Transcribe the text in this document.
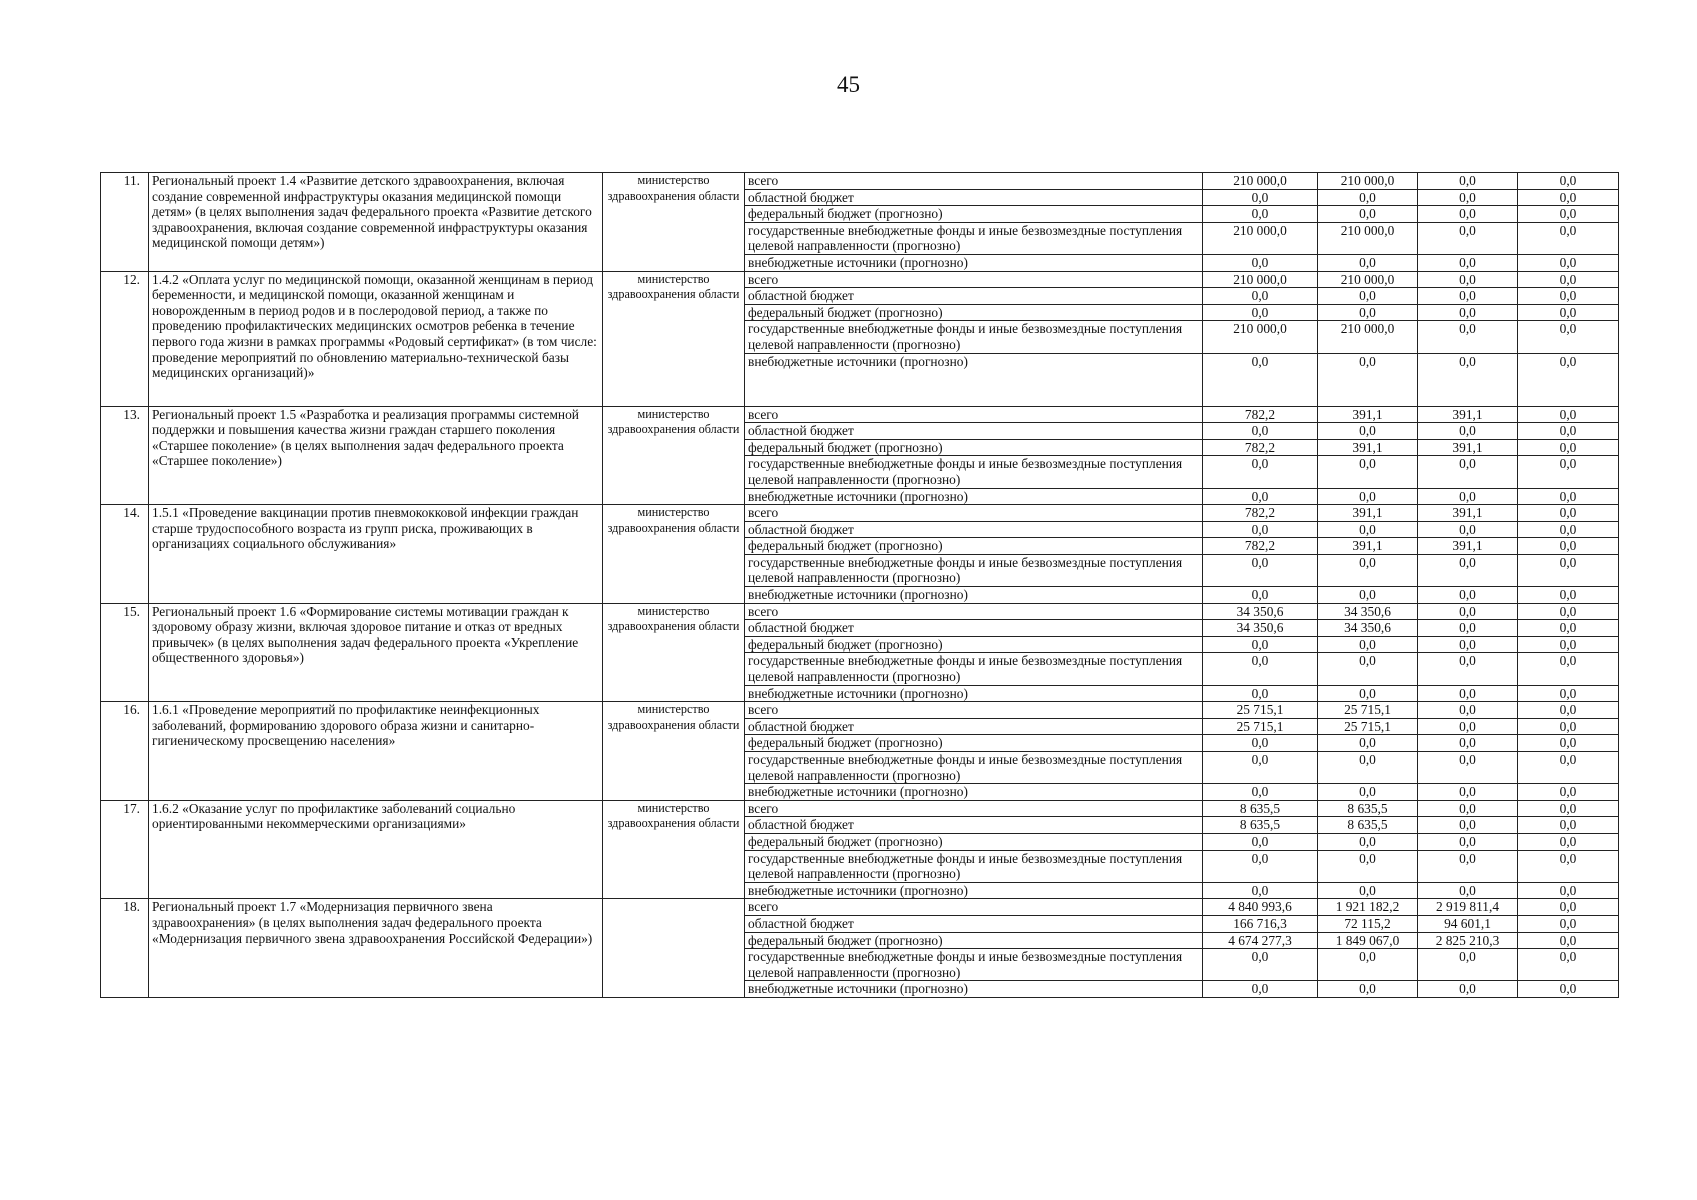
45
11.	Региональный проект 1.4 «Развитие детского здравоохранения, включая создание современной инфраструктуры оказания медицинской помощи детям» (в целях выполнения задач федерального проекта «Развитие детского здравоохранения, включая создание современной инфраструктуры оказания медицинской помощи детям»)	министерство здравоохранения области	всего	210 000,0	210 000,0	0,0	0,0
			областной бюджет	0,0	0,0	0,0	0,0
			федеральный бюджет (прогнозно)	0,0	0,0	0,0	0,0
			государственные внебюджетные фонды и иные безвозмездные поступления целевой направленности (прогнозно)	210 000,0	210 000,0	0,0	0,0
			внебюджетные источники (прогнозно)	0,0	0,0	0,0	0,0
12.	1.4.2 «Оплата услуг по медицинской помощи, оказанной женщинам в период беременности, и медицинской помощи, оказанной женщинам и новорожденным в период родов и в послеродовой период, а также по проведению профилактических медицинских осмотров ребенка в течение первого года жизни в рамках программы «Родовый сертификат» (в том числе: проведение мероприятий по обновлению материально-технической базы медицинских организаций)»	министерство здравоохранения области	всего	210 000,0	210 000,0	0,0	0,0
			областной бюджет	0,0	0,0	0,0	0,0
			федеральный бюджет (прогнозно)	0,0	0,0	0,0	0,0
			государственные внебюджетные фонды и иные безвозмездные поступления целевой направленности (прогнозно)	210 000,0	210 000,0	0,0	0,0
			внебюджетные источники (прогнозно)	0,0	0,0	0,0	0,0
13.	Региональный проект 1.5 «Разработка и реализация программы системной поддержки и повышения качества жизни граждан старшего поколения «Старшее поколение» (в целях выполнения задач федерального проекта «Старшее поколение»)	министерство здравоохранения области	всего	782,2	391,1	391,1	0,0
			областной бюджет	0,0	0,0	0,0	0,0
			федеральный бюджет (прогнозно)	782,2	391,1	391,1	0,0
			государственные внебюджетные фонды и иные безвозмездные поступления целевой направленности (прогнозно)	0,0	0,0	0,0	0,0
			внебюджетные источники (прогнозно)	0,0	0,0	0,0	0,0
14.	1.5.1 «Проведение вакцинации против пневмококковой инфекции граждан старше трудоспособного возраста из групп риска, проживающих в организациях социального обслуживания»	министерство здравоохранения области	всего	782,2	391,1	391,1	0,0
			областной бюджет	0,0	0,0	0,0	0,0
			федеральный бюджет (прогнозно)	782,2	391,1	391,1	0,0
			государственные внебюджетные фонды и иные безвозмездные поступления целевой направленности (прогнозно)	0,0	0,0	0,0	0,0
			внебюджетные источники (прогнозно)	0,0	0,0	0,0	0,0
15.	Региональный проект 1.6 «Формирование системы мотивации граждан к здоровому образу жизни, включая здоровое питание и отказ от вредных привычек» (в целях выполнения задач федерального проекта «Укрепление общественного здоровья»)	министерство здравоохранения области	всего	34 350,6	34 350,6	0,0	0,0
			областной бюджет	34 350,6	34 350,6	0,0	0,0
			федеральный бюджет (прогнозно)	0,0	0,0	0,0	0,0
			государственные внебюджетные фонды и иные безвозмездные поступления целевой направленности (прогнозно)	0,0	0,0	0,0	0,0
			внебюджетные источники (прогнозно)	0,0	0,0	0,0	0,0
16.	1.6.1 «Проведение мероприятий по профилактике неинфекционных заболеваний, формированию здорового образа жизни и санитарно-гигиеническому просвещению населения»	министерство здравоохранения области	всего	25 715,1	25 715,1	0,0	0,0
			областной бюджет	25 715,1	25 715,1	0,0	0,0
			федеральный бюджет (прогнозно)	0,0	0,0	0,0	0,0
			государственные внебюджетные фонды и иные безвозмездные поступления целевой направленности (прогнозно)	0,0	0,0	0,0	0,0
			внебюджетные источники (прогнозно)	0,0	0,0	0,0	0,0
17.	1.6.2 «Оказание услуг по профилактике заболеваний социально ориентированными некоммерческими организациями»	министерство здравоохранения области	всего	8 635,5	8 635,5	0,0	0,0
			областной бюджет	8 635,5	8 635,5	0,0	0,0
			федеральный бюджет (прогнозно)	0,0	0,0	0,0	0,0
			государственные внебюджетные фонды и иные безвозмездные поступления целевой направленности (прогнозно)	0,0	0,0	0,0	0,0
			внебюджетные источники (прогнозно)	0,0	0,0	0,0	0,0
18.	Региональный проект 1.7 «Модернизация первичного звена здравоохранения» (в целях выполнения задач федерального проекта «Модернизация первичного звена здравоохранения Российской Федерации»)		всего	4 840 993,6	1 921 182,2	2 919 811,4	0,0
			областной бюджет	166 716,3	72 115,2	94 601,1	0,0
			федеральный бюджет (прогнозно)	4 674 277,3	1 849 067,0	2 825 210,3	0,0
			государственные внебюджетные фонды и иные безвозмездные поступления целевой направленности (прогнозно)	0,0	0,0	0,0	0,0
			внебюджетные источники (прогнозно)	0,0	0,0	0,0	0,0
